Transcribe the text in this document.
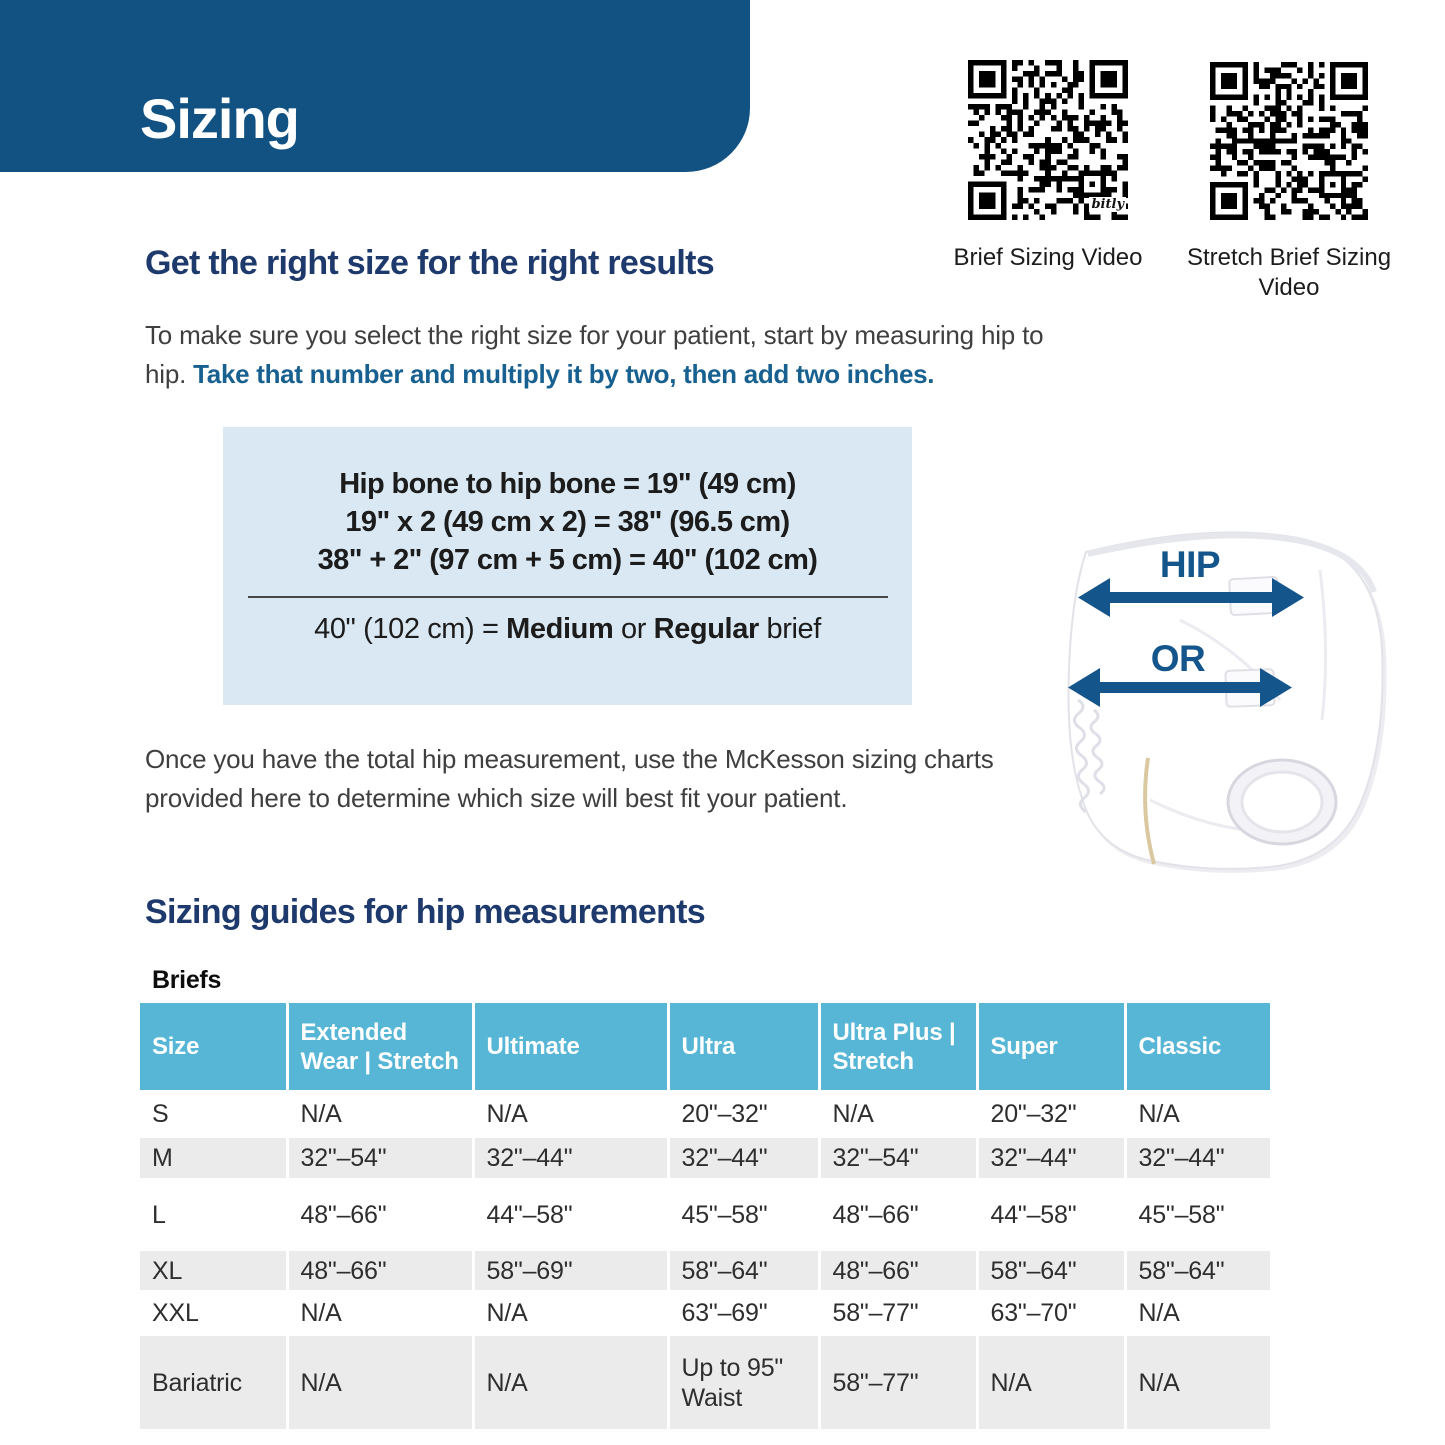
Sizing
bitly
Brief Sizing Video	Stretch Brief Sizing Video
Get the right size for the right results
To make sure you select the right size for your patient, start by measuring hip to hip. Take that number and multiply it by two, then add two inches.
Hip bone to hip bone = 19" (49 cm)
19" x 2 (49 cm x 2) = 38" (96.5 cm)
38" + 2" (97 cm + 5 cm) = 40" (102 cm)
40" (102 cm) = Medium or Regular brief
HIP
OR
Once you have the total hip measurement, use the McKesson sizing charts provided here to determine which size will best fit your patient.
Sizing guides for hip measurements
Briefs
Size	Extended Wear | Stretch	Ultimate	Ultra	Ultra Plus | Stretch	Super	Classic
S	N/A	N/A	20"–32"	N/A	20"–32"	N/A
M	32"–54"	32"–44"	32"–44"	32"–54"	32"–44"	32"–44"
L	48"–66"	44"–58"	45"–58"	48"–66"	44"–58"	45"–58"
XL	48"–66"	58"–69"	58"–64"	48"–66"	58"–64"	58"–64"
XXL	N/A	N/A	63"–69"	58"–77"	63"–70"	N/A
Bariatric	N/A	N/A	Up to 95" Waist	58"–77"	N/A	N/A
